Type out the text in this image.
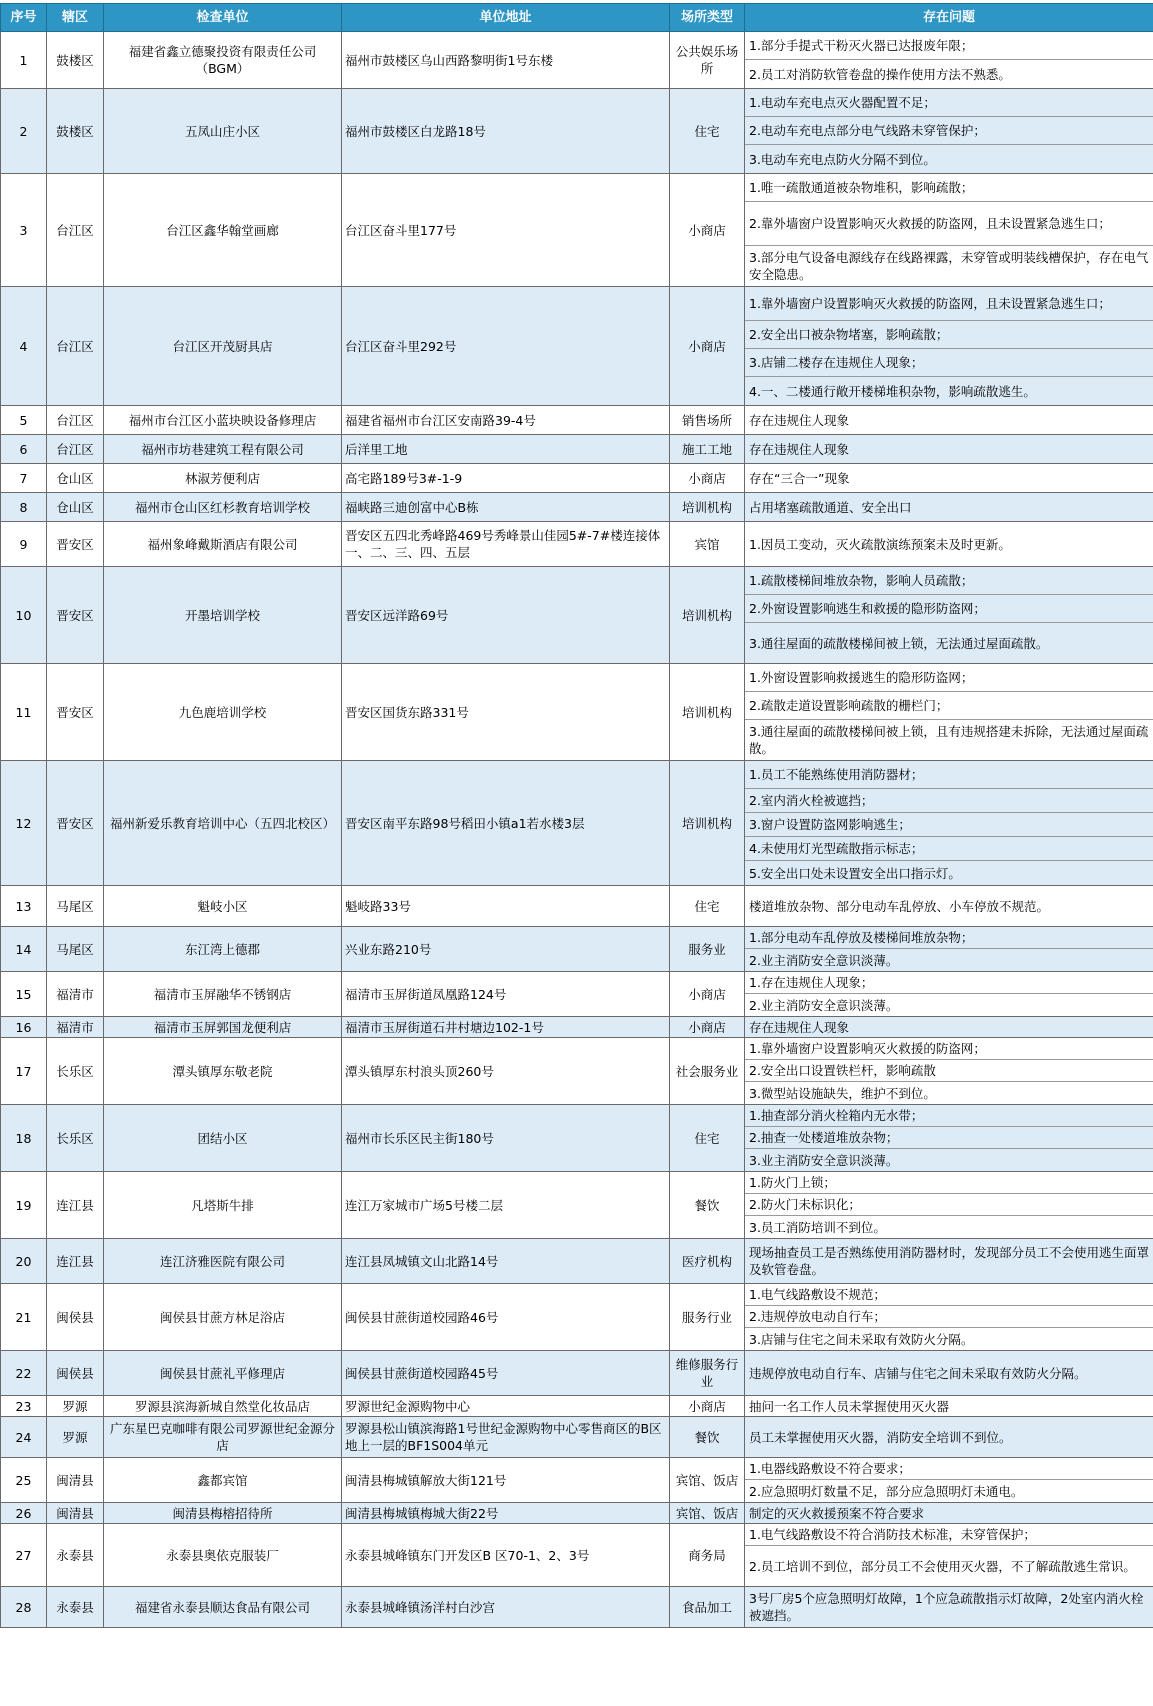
序号	辖区	检查单位	单位地址	场所类型	存在问题
1	鼓楼区	福建省鑫立德聚投资有限责任公司（BGM）	福州市鼓楼区乌山西路黎明街1号东楼	公共娱乐场所	1.部分手提式干粉灭火器已达报废年限；
2.员工对消防软管卷盘的操作使用方法不熟悉。

2	鼓楼区	五凤山庄小区	福州市鼓楼区白龙路18号	住宅	1.电动车充电点灭火器配置不足；
2.电动车充电点部分电气线路未穿管保护；
3.电动车充电点防火分隔不到位。

3	台江区	台江区鑫华翰堂画廊	台江区奋斗里177号	小商店	1.唯一疏散通道被杂物堆积，影响疏散；
2.靠外墙窗户设置影响灭火救援的防盗网，且未设置紧急逃生口；
3.部分电气设备电源线存在线路裸露，未穿管或明装线槽保护，存在电气安全隐患。

4	台江区	台江区开茂厨具店	台江区奋斗里292号	小商店	1.靠外墙窗户设置影响灭火救援的防盗网，且未设置紧急逃生口；
2.安全出口被杂物堵塞，影响疏散；
3.店铺二楼存在违规住人现象；
4.一、二楼通行敞开楼梯堆积杂物，影响疏散逃生。

5	台江区	福州市台江区小蓝块映设备修理店	福建省福州市台江区安南路39-4号	销售场所	存在违规住人现象

6	台江区	福州市坊巷建筑工程有限公司	后洋里工地	施工工地	存在违规住人现象

7	仓山区	林淑芳便利店	高宅路189号3#-1-9	小商店	存在“三合一”现象

8	仓山区	福州市仓山区红杉教育培训学校	福峡路三迪创富中心B栋	培训机构	占用堵塞疏散通道、安全出口

9	晋安区	福州象峰戴斯酒店有限公司	晋安区五四北秀峰路469号秀峰景山佳园5#-7#楼连接体一、二、三、四、五层	宾馆	1.因员工变动，灭火疏散演练预案未及时更新。

10	晋安区	开墨培训学校	晋安区远洋路69号	培训机构	1.疏散楼梯间堆放杂物，影响人员疏散；
2.外窗设置影响逃生和救援的隐形防盗网；
3.通往屋面的疏散楼梯间被上锁，无法通过屋面疏散。

11	晋安区	九色鹿培训学校	晋安区国货东路331号	培训机构	1.外窗设置影响救援逃生的隐形防盗网；
2.疏散走道设置影响疏散的栅栏门；
3.通往屋面的疏散楼梯间被上锁，且有违规搭建未拆除，无法通过屋面疏散。

12	晋安区	福州新爱乐教育培训中心（五四北校区）	晋安区南平东路98号稻田小镇a1若水楼3层	培训机构	1.员工不能熟练使用消防器材；
2.室内消火栓被遮挡；
3.窗户设置防盗网影响逃生；
4.未使用灯光型疏散指示标志；
5.安全出口处未设置安全出口指示灯。

13	马尾区	魁岐小区	魁岐路33号	住宅	楼道堆放杂物、部分电动车乱停放、小车停放不规范。

14	马尾区	东江湾上德郡	兴业东路210号	服务业	1.部分电动车乱停放及楼梯间堆放杂物；
2.业主消防安全意识淡薄。

15	福清市	福清市玉屏融华不锈钢店	福清市玉屏街道凤凰路124号	小商店	1.存在违规住人现象；
2.业主消防安全意识淡薄。

16	福清市	福清市玉屏郭国龙便利店	福清市玉屏街道石井村塘边102-1号	小商店	存在违规住人现象

17	长乐区	潭头镇厚东敬老院	潭头镇厚东村浪头顶260号	社会服务业	1.靠外墙窗户设置影响灭火救援的防盗网；
2.安全出口设置铁栏杆，影响疏散
3.微型站设施缺失，维护不到位。

18	长乐区	团结小区	福州市长乐区民主街180号	住宅	1.抽查部分消火栓箱内无水带；
2.抽查一处楼道堆放杂物；
3.业主消防安全意识淡薄。

19	连江县	凡塔斯牛排	连江万家城市广场5号楼二层	餐饮	1.防火门上锁；
2.防火门未标识化；
3.员工消防培训不到位。

20	连江县	连江济雅医院有限公司	连江县凤城镇文山北路14号	医疗机构	现场抽查员工是否熟练使用消防器材时，发现部分员工不会使用逃生面罩及软管卷盘。

21	闽侯县	闽侯县甘蔗方林足浴店	闽侯县甘蔗街道校园路46号	服务行业	1.电气线路敷设不规范；
2.违规停放电动自行车；
3.店铺与住宅之间未采取有效防火分隔。

22	闽侯县	闽侯县甘蔗礼平修理店	闽侯县甘蔗街道校园路45号	维修服务行业	违规停放电动自行车、店铺与住宅之间未采取有效防火分隔。

23	罗源	罗源县滨海新城自然堂化妆品店	罗源世纪金源购物中心	小商店	抽问一名工作人员未掌握使用灭火器

24	罗源	广东星巴克咖啡有限公司罗源世纪金源分店	罗源县松山镇滨海路1号世纪金源购物中心零售商区的B区地上一层的BF1S004单元	餐饮	员工未掌握使用灭火器，消防安全培训不到位。

25	闽清县	鑫都宾馆	闽清县梅城镇解放大街121号	宾馆、饭店	1.电器线路敷设不符合要求；
2.应急照明灯数量不足，部分应急照明灯未通电。

26	闽清县	闽清县梅榕招待所	闽清县梅城镇梅城大街22号	宾馆、饭店	制定的灭火救援预案不符合要求

27	永泰县	永泰县奥依克服装厂	永泰县城峰镇东门开发区B 区70-1、2、3号	商务局	1.电气线路敷设不符合消防技术标准，未穿管保护；
2.员工培训不到位，部分员工不会使用灭火器，不了解疏散逃生常识。

28	永泰县	福建省永泰县顺达食品有限公司	永泰县城峰镇汤洋村白沙宫	食品加工	3号厂房5个应急照明灯故障，1个应急疏散指示灯故障，2处室内消火栓被遮挡。
